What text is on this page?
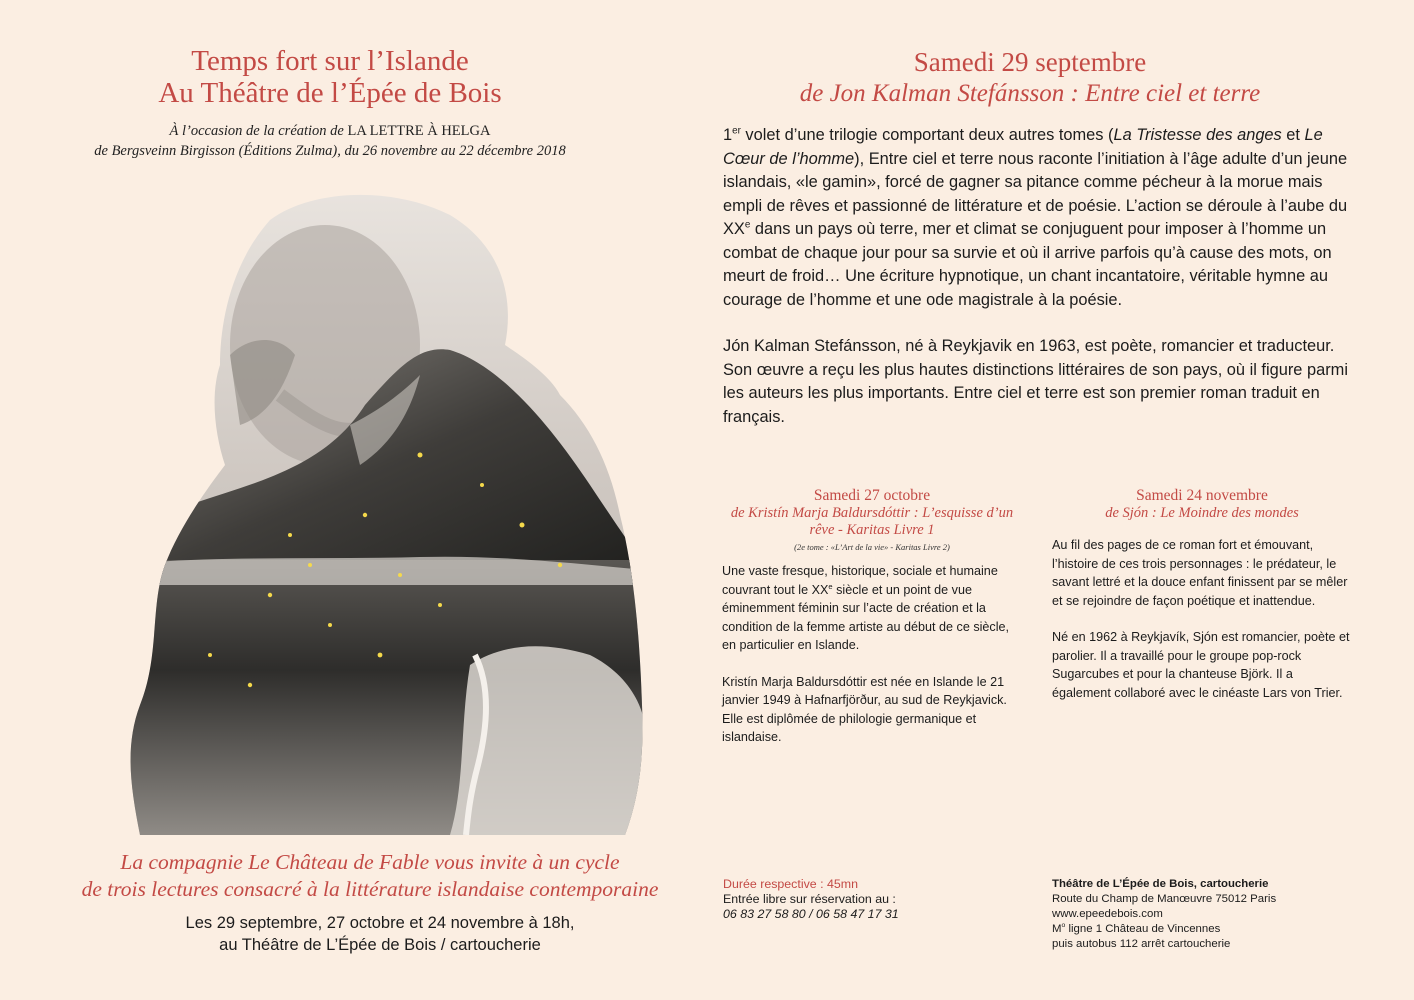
Temps fort sur l’Islande
Au Théâtre de l’Épée de Bois
À l’occasion de la création de LA LETTRE À HELGA
de Bergsveinn Birgisson (Éditions Zulma), du 26 novembre au 22 décembre 2018
La compagnie Le Château de Fable vous invite à un cycle
de trois lectures consacré à la littérature islandaise contemporaine
Les 29 septembre, 27 octobre et 24 novembre à 18h,
au Théâtre de L’Épée de Bois / cartoucherie
Samedi 29 septembre
de Jon Kalman Stefánsson : Entre ciel et terre

1er volet d’une trilogie comportant deux autres tomes (La Tristesse des anges et Le Cœur de l’homme), Entre ciel et terre nous raconte l’initiation à l’âge adulte d’un jeune islandais, «le gamin», forcé de gagner sa pitance comme pécheur à la morue mais empli de rêves et passionné de littérature et de poésie. L’action se déroule à l’aube du XXe dans un pays où terre, mer et climat se conjuguent pour imposer à l’homme un combat de chaque jour pour sa survie et où il arrive parfois qu’à cause des mots, on meurt de froid… Une écriture hypnotique, un chant incantatoire, véritable hymne au courage de l’homme et une ode magistrale à la poésie.

Jón Kalman Stefánsson, né à Reykjavik en 1963, est poète, romancier et traducteur. Son œuvre a reçu les plus hautes distinctions littéraires de son pays, où il figure parmi les auteurs les plus importants. Entre ciel et terre est son premier roman traduit en français.

Samedi 27 octobre
de Kristín Marja Baldursdóttir : L’esquisse d’un rêve - Karitas Livre 1
(2e tome : «L’Art de la vie» - Karitas Livre 2)

Une vaste fresque, historique, sociale et humaine couvrant tout le XXe siècle et un point de vue éminemment féminin sur l’acte de création et la condition de la femme artiste au début de ce siècle, en particulier en Islande.

Kristín Marja Baldursdóttir est née en Islande le 21 janvier 1949 à Hafnarfjörður, au sud de Reykjavick. Elle est diplômée de philologie germanique et islandaise.

Samedi 24 novembre
de Sjón : Le Moindre des mondes

Au fil des pages de ce roman fort et émouvant, l’histoire de ces trois personnages : le prédateur, le savant lettré et la douce enfant finissent par se mêler et se rejoindre de façon poétique et inattendue.

Né en 1962 à Reykjavík, Sjón est romancier, poète et parolier. Il a travaillé pour le groupe pop-rock Sugarcubes et pour la chanteuse Björk. Il a également collaboré avec le cinéaste Lars von Trier.

Durée respective : 45mn
Entrée libre sur réservation au :
06 83 27 58 80 / 06 58 47 17 31
Théâtre de L’Épée de Bois, cartoucherie
Route du Champ de Manœuvre 75012 Paris
www.epeedebois.com
$M^o$ ligne 1 Château de Vincennes
puis autobus 112 arrêt cartoucherie
